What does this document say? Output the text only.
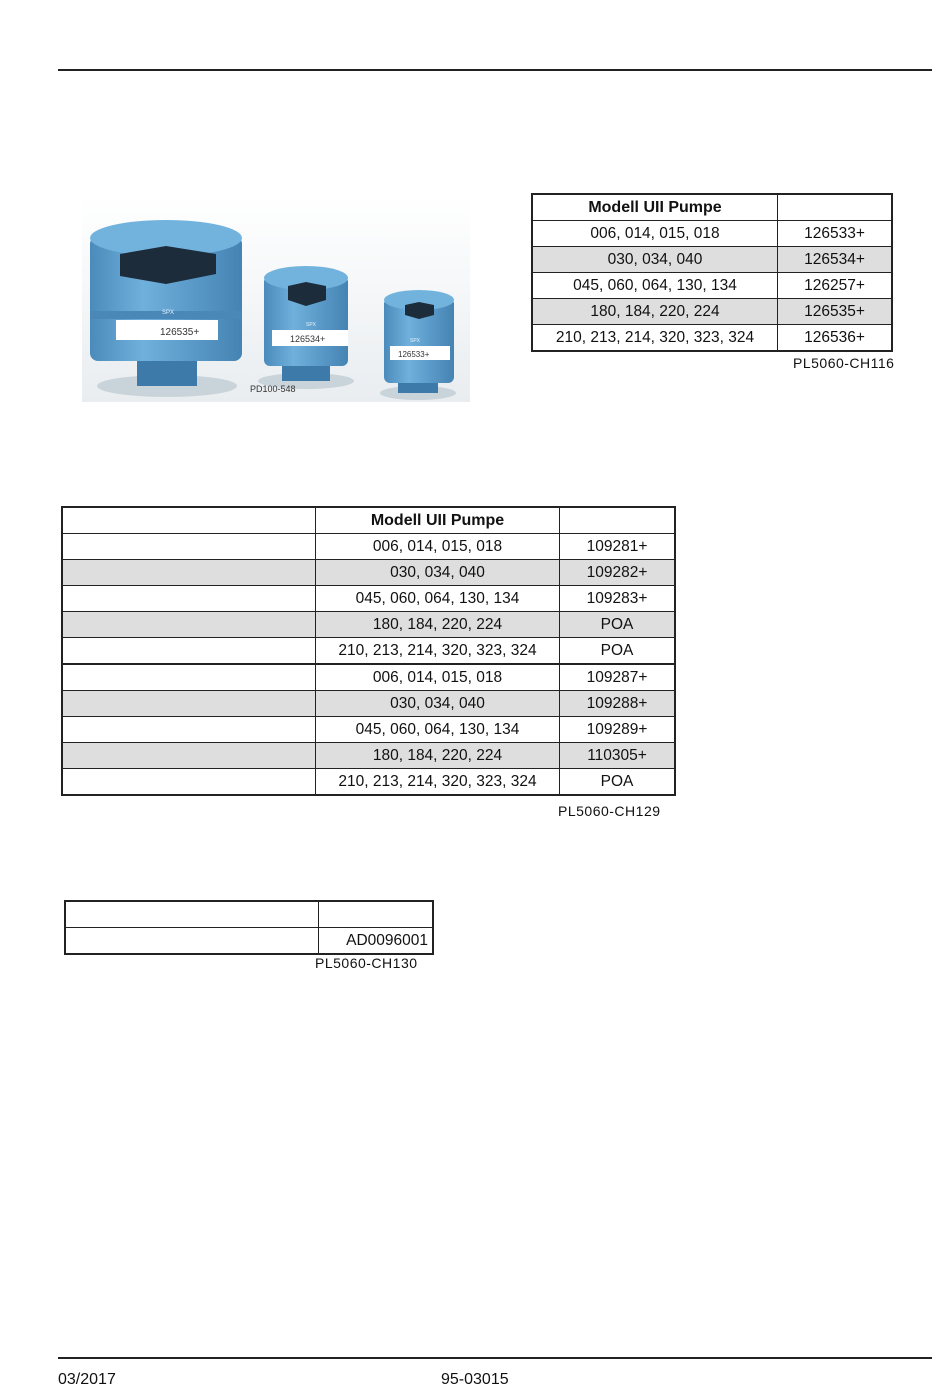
126535+
SPX
126534+
SPX
126533+
SPX
PD100-548
Modell UII Pumpe	
006, 014, 015, 018	126533+
030, 034, 040	126534+
045, 060, 064, 130, 134	126257+
180, 184, 220, 224	126535+
210, 213, 214, 320, 323, 324	126536+
PL5060-CH116
	Modell UII Pumpe	
	006, 014, 015, 018	109281+
	030, 034, 040	109282+
	045, 060, 064, 130, 134	109283+
	180, 184, 220, 224	POA
	210, 213, 214, 320, 323, 324	POA
	006, 014, 015, 018	109287+
	030, 034, 040	109288+
	045, 060, 064, 130, 134	109289+
	180, 184, 220, 224	110305+
	210, 213, 214, 320, 323, 324	POA
PL5060-CH129

	AD0096001
PL5060-CH130
03/2017	95-03015
